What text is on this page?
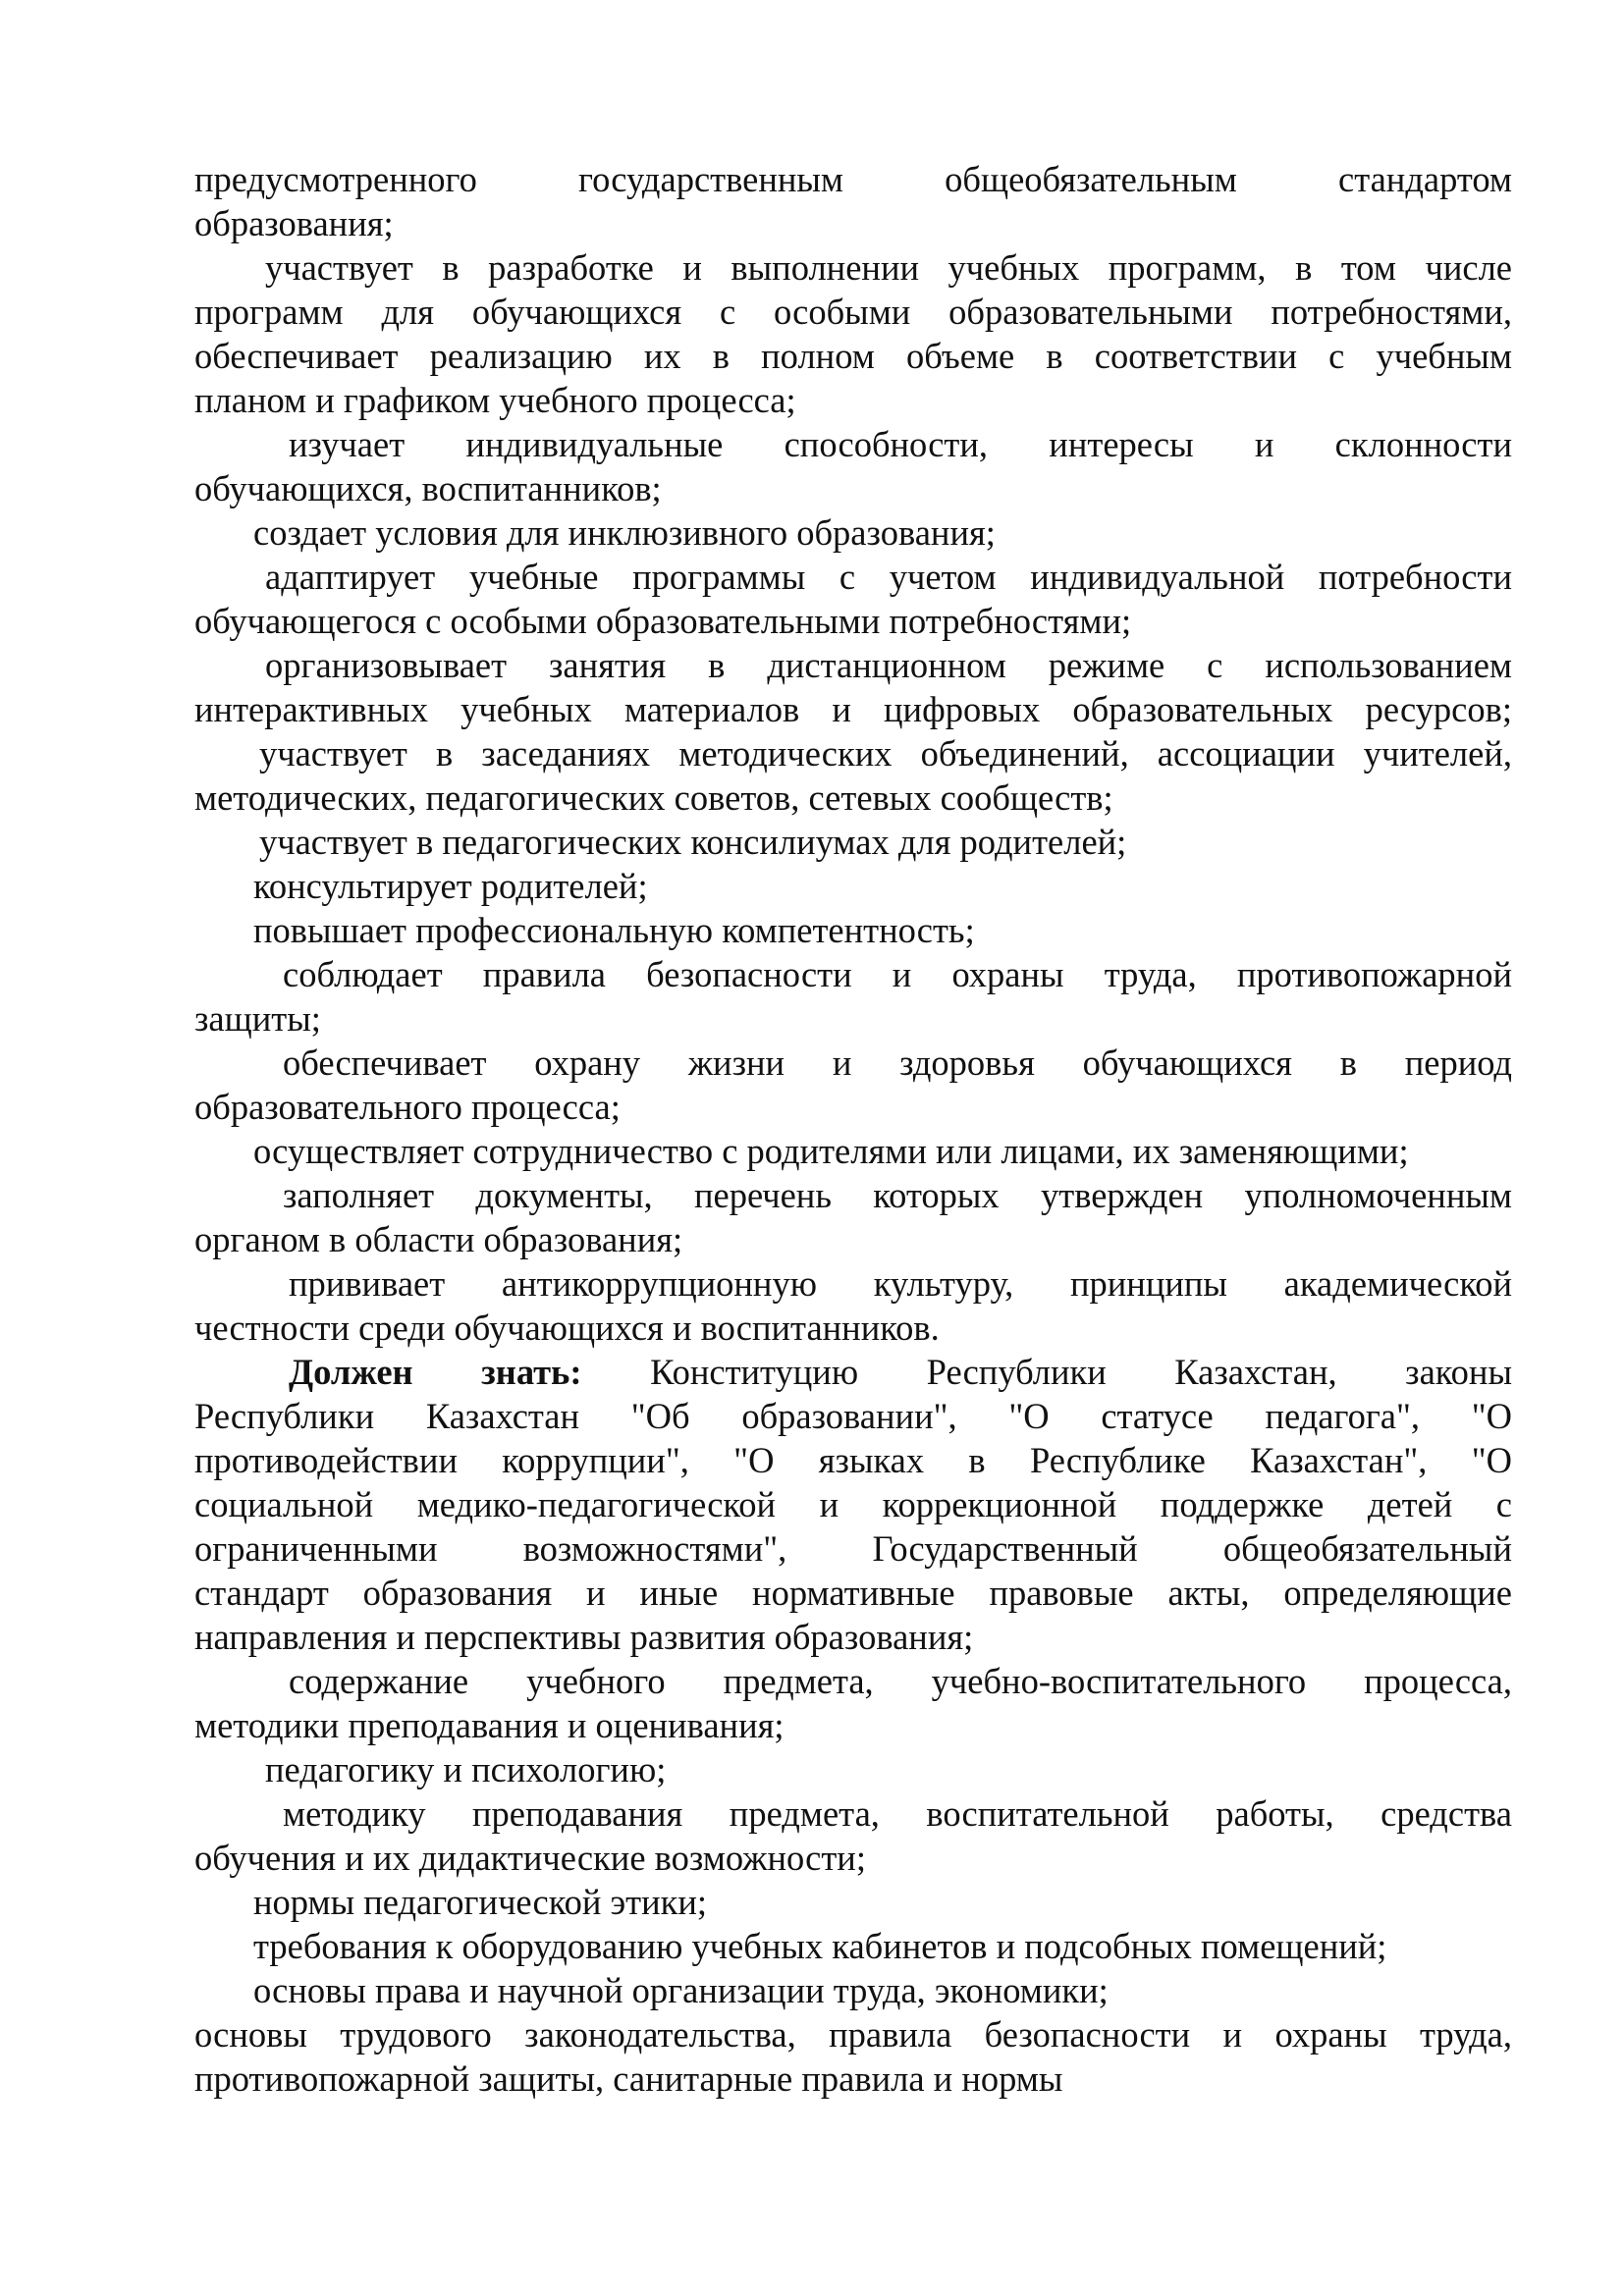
предусмотренного государственным общеобязательным стандартом
образования;
участвует в разработке и выполнении учебных программ, в том числе
программ для обучающихся с особыми образовательными потребностями,
обеспечивает реализацию их в полном объеме в соответствии с учебным
планом и графиком учебного процесса;
изучает индивидуальные способности, интересы и склонности
обучающихся, воспитанников;
создает условия для инклюзивного образования;
адаптирует учебные программы с учетом индивидуальной потребности
обучающегося с особыми образовательными потребностями;
организовывает занятия в дистанционном режиме с использованием
интерактивных учебных материалов и цифровых образовательных ресурсов;
участвует в заседаниях методических объединений, ассоциации учителей,
методических, педагогических советов, сетевых сообществ;
участвует в педагогических консилиумах для родителей;
консультирует родителей;
повышает профессиональную компетентность;
соблюдает правила безопасности и охраны труда, противопожарной
защиты;
обеспечивает охрану жизни и здоровья обучающихся в период
образовательного процесса;
осуществляет сотрудничество с родителями или лицами, их заменяющими;
заполняет документы, перечень которых утвержден уполномоченным
органом в области образования;
прививает антикоррупционную культуру, принципы академической
честности среди обучающихся и воспитанников.
Должен знать: Конституцию Республики Казахстан, законы
Республики Казахстан "Об образовании", "О статусе педагога", "О
противодействии коррупции", "О языках в Республике Казахстан", "О
социальной медико-педагогической и коррекционной поддержке детей с
ограниченными возможностями", Государственный общеобязательный
стандарт образования и иные нормативные правовые акты, определяющие
направления и перспективы развития образования;
содержание учебного предмета, учебно-воспитательного процесса,
методики преподавания и оценивания;
педагогику и психологию;
методику преподавания предмета, воспитательной работы, средства
обучения и их дидактические возможности;
нормы педагогической этики;
требования к оборудованию учебных кабинетов и подсобных помещений;
основы права и научной организации труда, экономики;
основы трудового законодательства, правила безопасности и охраны труда,
противопожарной защиты, санитарные правила и нормы
